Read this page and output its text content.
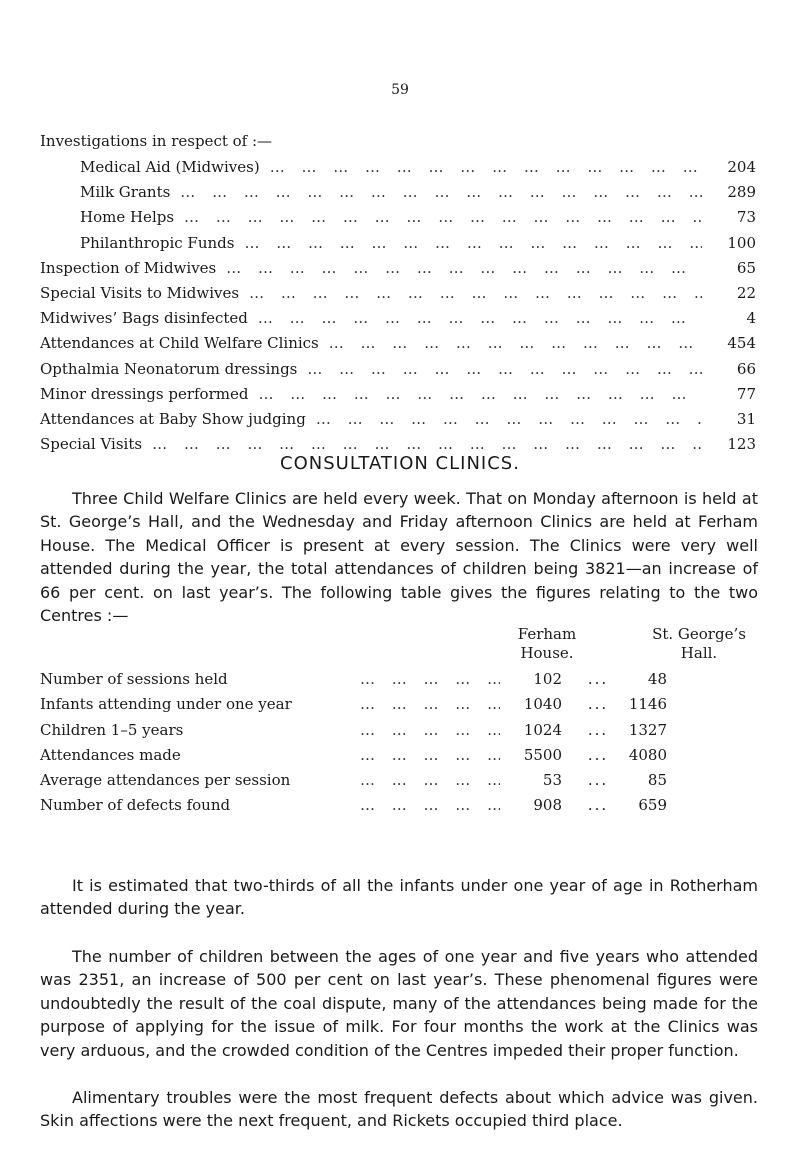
59
Investigations in respect of :—
Medical Aid (Midwives) … … … … … … … … … … … … … … … … … … … … … … … … …	204
Milk Grants … … … … … … … … … … … … … … … … … … … … … … … … …	289
Home Helps … … … … … … … … … … … … … … … … … … … … … … … … …	73
Philanthropic Funds … … … … … … … … … … … … … … … … … … … … … … … … …	100
Inspection of Midwives … … … … … … … … … … … … … … … … … … … … … … … … …	65
Special Visits to Midwives … … … … … … … … … … … … … … … … … … … … … … … … …	22
Midwives’ Bags disinfected … … … … … … … … … … … … … … … … … … … … … … … … …	4
Attendances at Child Welfare Clinics … … … … … … … … … … … … … … … … … … … … … … … … …	454
Opthalmia Neonatorum dressings … … … … … … … … … … … … … … … … … … … … … … … … …	66
Minor dressings performed … … … … … … … … … … … … … … … … … … … … … … … … …	77
Attendances at Baby Show judging … … … … … … … … … … … … … … … … … … … … … … … … …	31
Special Visits … … … … … … … … … … … … … … … … … … … … … … … … …	123
CONSULTATION CLINICS.

Three Child Welfare Clinics are held every week. That on Monday afternoon is held at St. George’s Hall, and the Wednesday and Friday afternoon Clinics are held at Ferham House. The Medical Officer is present at every session. The Clinics were very well attended during the year, the total attendances of children being 3821—an increase of 66 per cent. on last year’s. The following table gives the figures relating to the two Centres :—

Ferham
House.
St. George’s
Hall.
Number of sessions held … … … … … … … … … … …	102	...	48
Infants attending under one year … … … … … … … … … … …	1040	...	1146
Children 1–5 years … … … … … … … … … … …	1024	...	1327
Attendances made … … … … … … … … … … …	5500	...	4080
Average attendances per session … … … … … … … … … … …	53	...	85
Number of defects found … … … … … … … … … … …	908	...	659

It is estimated that two-thirds of all the infants under one year of age in Rotherham attended during the year.

The number of children between the ages of one year and five years who attended was 2351, an increase of 500 per cent on last year’s. These phenomenal figures were undoubtedly the result of the coal dispute, many of the attendances being made for the purpose of applying for the issue of milk. For four months the work at the Clinics was very arduous, and the crowded condition of the Centres impeded their proper function.

Alimentary troubles were the most frequent defects about which advice was given. Skin affections were the next frequent, and Rickets occupied third place.
